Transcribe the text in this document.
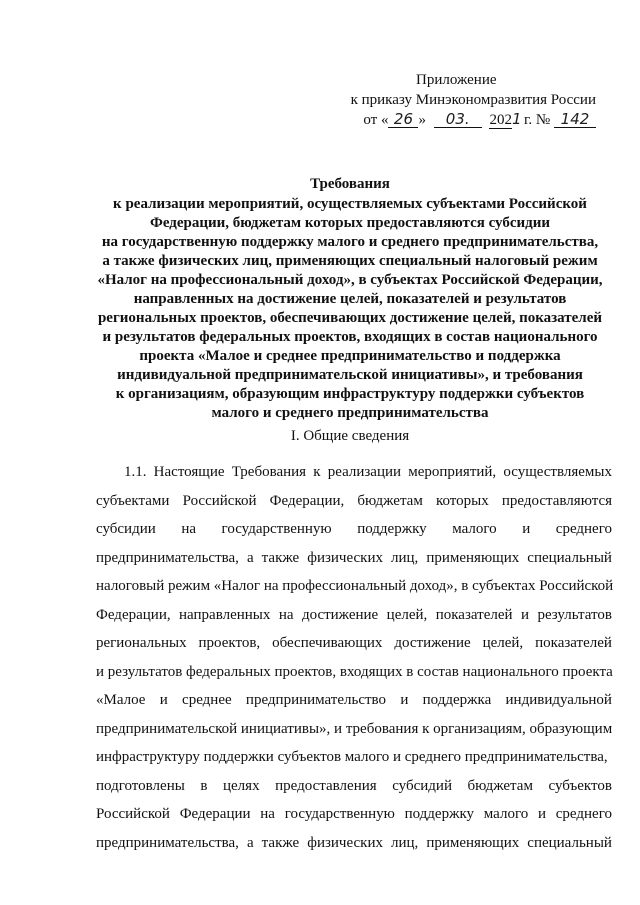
Приложение
к приказу Минэкономразвития России
от « 26 » 03. 2021 г. № 142
Требования
к реализации мероприятий, осуществляемых субъектами Российской
Федерации, бюджетам которых предоставляются субсидии
на государственную поддержку малого и среднего предпринимательства,
а также физических лиц, применяющих специальный налоговый режим
«Налог на профессиональный доход», в субъектах Российской Федерации,
направленных на достижение целей, показателей и результатов
региональных проектов, обеспечивающих достижение целей, показателей
и результатов федеральных проектов, входящих в состав национального
проекта «Малое и среднее предпринимательство и поддержка
индивидуальной предпринимательской инициативы», и требования
к организациям, образующим инфраструктуру поддержки субъектов
малого и среднего предпринимательства
I. Общие сведения
1.1. Настоящие Требования к реализации мероприятий, осуществляемых
субъектами Российской Федерации, бюджетам которых предоставляются
субсидии на государственную поддержку малого и среднего
предпринимательства, а также физических лиц, применяющих специальный
налоговый режим «Налог на профессиональный доход», в субъектах Российской
Федерации, направленных на достижение целей, показателей и результатов
региональных проектов, обеспечивающих достижение целей, показателей
и результатов федеральных проектов, входящих в состав национального проекта
«Малое и среднее предпринимательство и поддержка индивидуальной
предпринимательской инициативы», и требования к организациям, образующим
инфраструктуру поддержки субъектов малого и среднего предпринимательства,
подготовлены в целях предоставления субсидий бюджетам субъектов
Российской Федерации на государственную поддержку малого и среднего
предпринимательства, а также физических лиц, применяющих специальный
